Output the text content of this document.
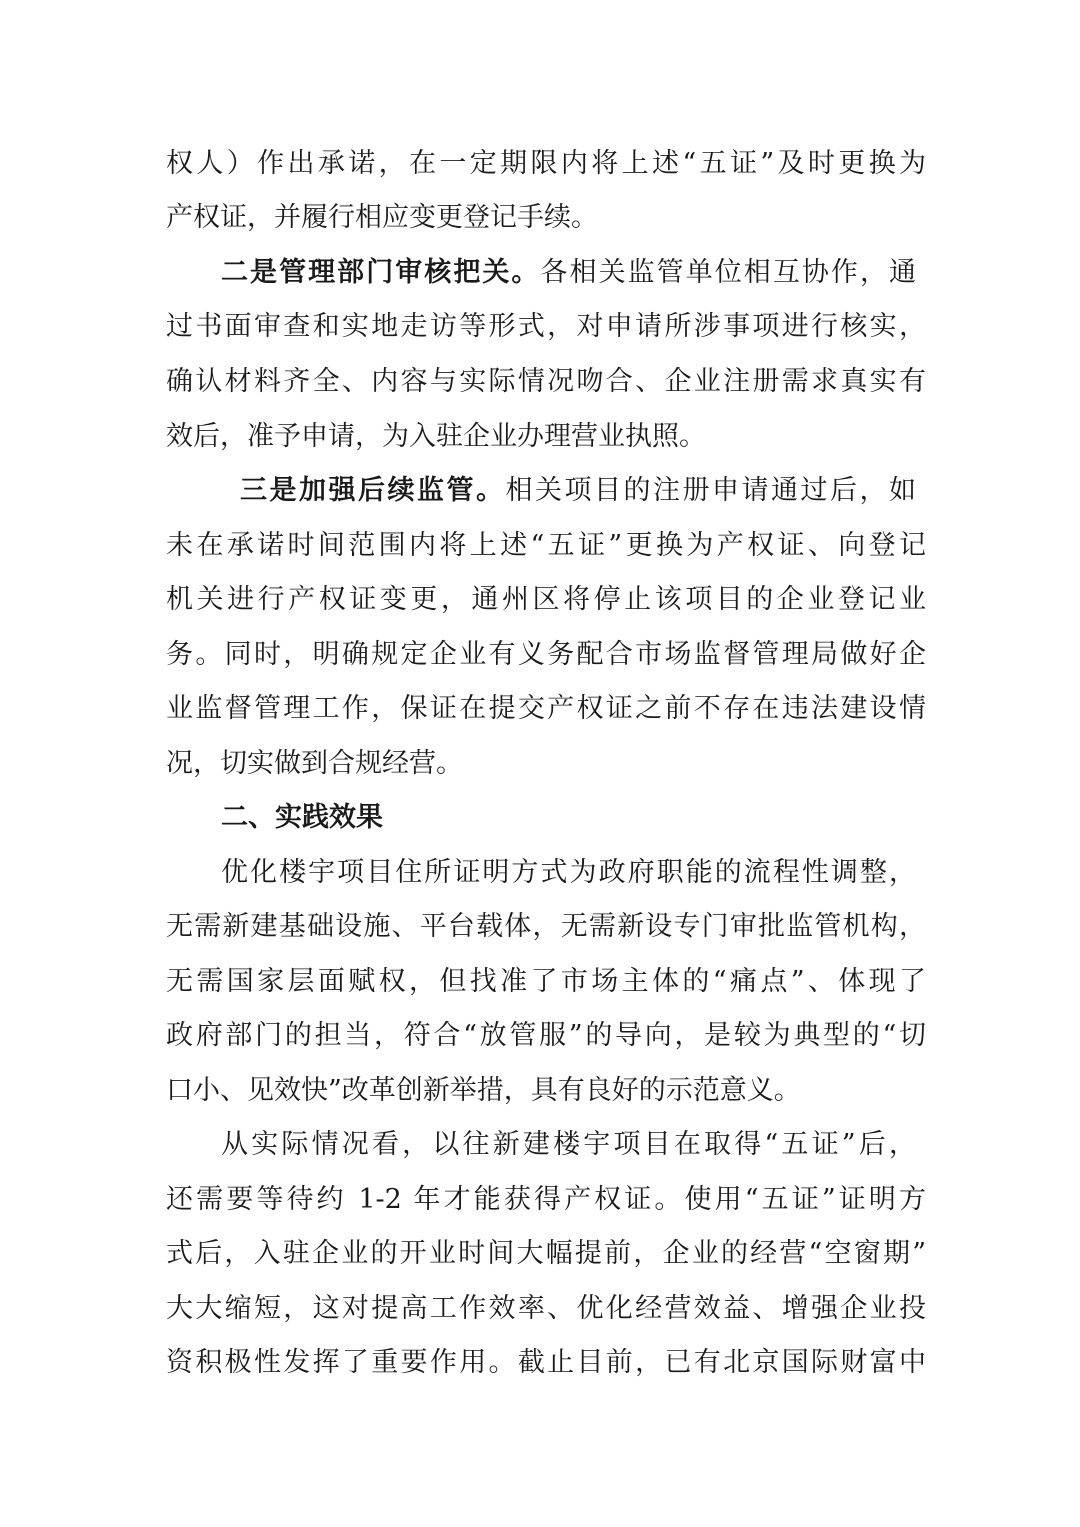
权人）作出承诺，在一定期限内将上述“五证”及时更换为
产权证，并履行相应变更登记手续。
二是管理部门审核把关。各相关监管单位相互协作，通
过书面审查和实地走访等形式，对申请所涉事项进行核实，
确认材料齐全、内容与实际情况吻合、企业注册需求真实有
效后，准予申请，为入驻企业办理营业执照。
三是加强后续监管。相关项目的注册申请通过后，如
未在承诺时间范围内将上述“五证”更换为产权证、向登记
机关进行产权证变更，通州区将停止该项目的企业登记业
务。同时，明确规定企业有义务配合市场监督管理局做好企
业监督管理工作，保证在提交产权证之前不存在违法建设情
况，切实做到合规经营。
二、实践效果
优化楼宇项目住所证明方式为政府职能的流程性调整，
无需新建基础设施、平台载体，无需新设专门审批监管机构，
无需国家层面赋权，但找准了市场主体的“痛点”、体现了
政府部门的担当，符合“放管服”的导向，是较为典型的“切
口小、见效快”改革创新举措，具有良好的示范意义。
从实际情况看，以往新建楼宇项目在取得“五证”后，
还需要等待约 1-2 年才能获得产权证。使用“五证”证明方
式后，入驻企业的开业时间大幅提前，企业的经营“空窗期”
大大缩短，这对提高工作效率、优化经营效益、增强企业投
资积极性发挥了重要作用。截止目前，已有北京国际财富中
